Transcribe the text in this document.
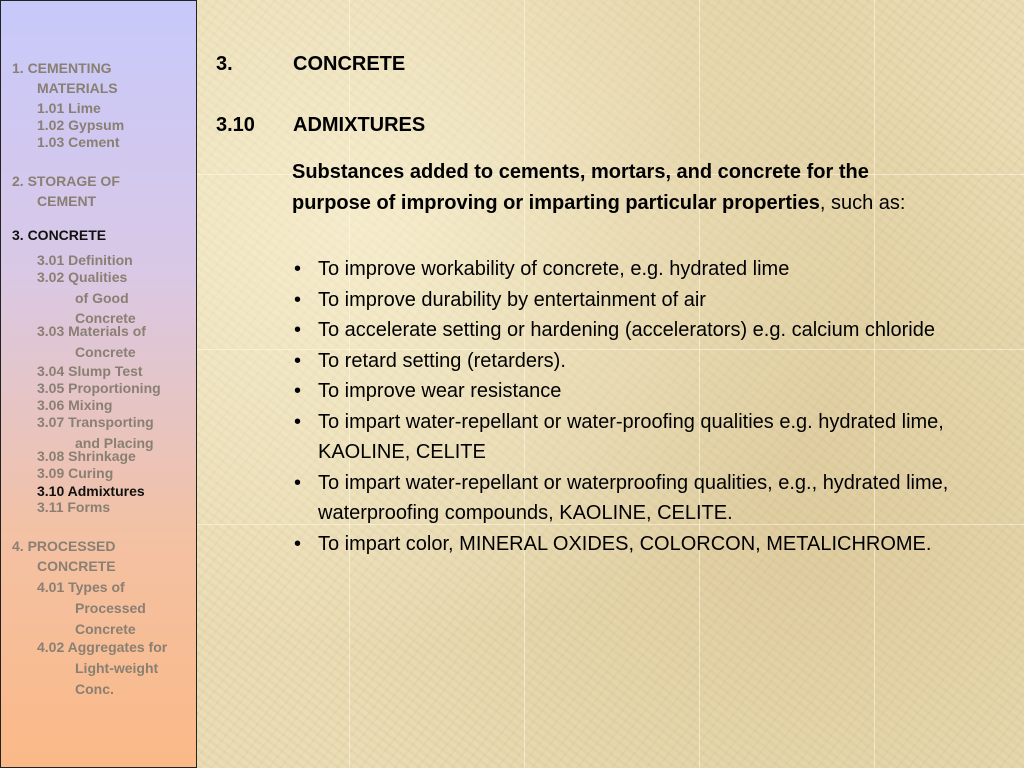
1. CEMENTING
MATERIALS
1.01 Lime
1.02 Gypsum
1.03 Cement
2. STORAGE OF
CEMENT
3. CONCRETE
3.01 Definition
3.02 Qualities
of Good
Concrete
3.03 Materials of
Concrete
3.04 Slump Test
3.05 Proportioning
3.06 Mixing
3.07 Transporting
and Placing
3.08 Shrinkage
3.09 Curing
3.10 Admixtures
3.11 Forms
4. PROCESSED
CONCRETE
4.01 Types of
Processed
Concrete
4.02 Aggregates for
Light-weight
Conc.
3.	CONCRETE
3.10 ADMIXTURES

Substances added to cements, mortars, and concrete for the purpose of improving or imparting particular properties, such as:

• To improve workability of concrete, e.g. hydrated lime
• To improve durability by entertainment of air
• To accelerate setting or hardening (accelerators) e.g. calcium chloride
• To retard setting (retarders).
• To improve wear resistance
• To impart water-repellant or water-proofing qualities e.g. hydrated lime, KAOLINE, CELITE
• To impart water-repellant or waterproofing qualities, e.g., hydrated lime, waterproofing compounds, KAOLINE, CELITE.
• To impart color, MINERAL OXIDES, COLORCON, METALICHROME.
